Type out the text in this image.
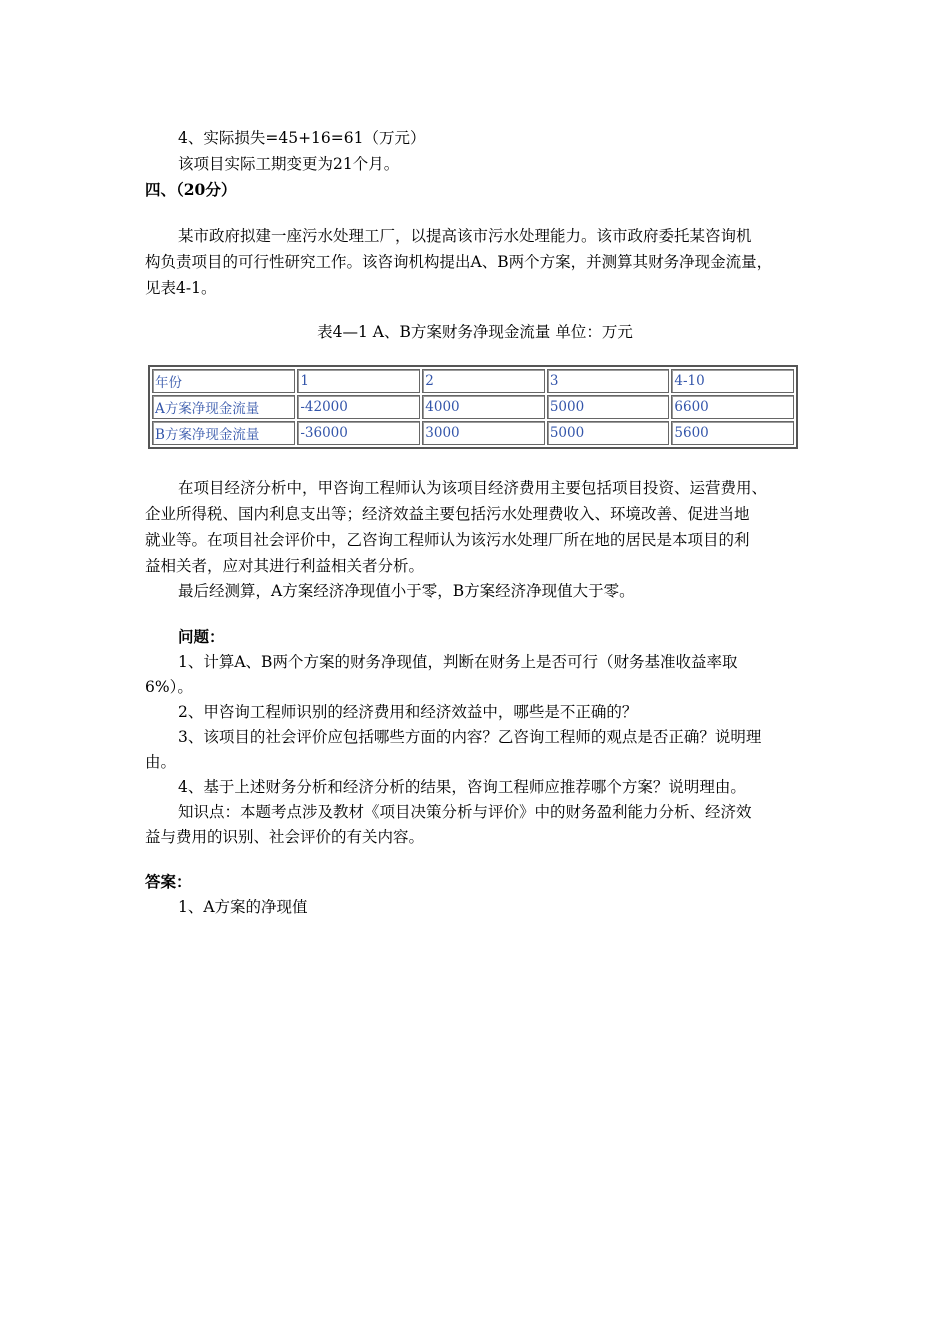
4、实际损失=45+16=61（万元）
该项目实际工期变更为21个月。
四、（20分）
某市政府拟建一座污水处理工厂，以提高该市污水处理能力。该市政府委托某咨询机
构负责项目的可行性研究工作。该咨询机构提出A、B两个方案，并测算其财务净现金流量，
见表4-1。
表4—1 A、B方案财务净现金流量 单位：万元
年份	1	2	3	4-10
A方案净现金流量	-42000	4000	5000	6600
B方案净现金流量	-36000	3000	5000	5600
在项目经济分析中，甲咨询工程师认为该项目经济费用主要包括项目投资、运营费用、
企业所得税、国内利息支出等；经济效益主要包括污水处理费收入、环境改善、促进当地
就业等。在项目社会评价中，乙咨询工程师认为该污水处理厂所在地的居民是本项目的利
益相关者，应对其进行利益相关者分析。
最后经测算，A方案经济净现值小于零，B方案经济净现值大于零。
问题：
1、计算A、B两个方案的财务净现值，判断在财务上是否可行（财务基准收益率取
6%）。
2、甲咨询工程师识别的经济费用和经济效益中，哪些是不正确的？
3、该项目的社会评价应包括哪些方面的内容？乙咨询工程师的观点是否正确？说明理
由。
4、基于上述财务分析和经济分析的结果，咨询工程师应推荐哪个方案？说明理由。
知识点：本题考点涉及教材《项目决策分析与评价》中的财务盈利能力分析、经济效
益与费用的识别、社会评价的有关内容。
答案：
1、A方案的净现值
